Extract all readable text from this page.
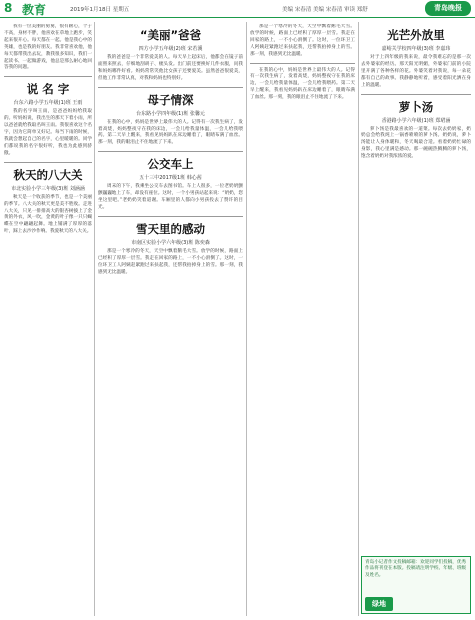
8 教育	2019年1月18日 星期五	美编 宋春清 美编 宋春清 审读 郑舒	青岛晚报

我有一位美丽的舅舅，很有耐心，个子不高，身材不胖，他喜欢在草地上跑步，笑起来很开心。每天都在一起。他是我心中的英雄，也是我的好朋友。我非常喜欢他，他每天都带我出去玩，教我很多知识，我们一起读书、一起做游戏，他总是那么耐心地回答我的问题。

说 名 字
台东六路小学五年级(1)班 王雨

我的名字叫王雨，是爸爸妈妈给我取的。听妈妈说，我出生的那天下着小雨，所以爸爸就给我取名叫王雨。我很喜欢这个名字，因为它简单又好记。每当下雨的时候，我就会想起自己的名字，心里暖暖的。同学们都说我的名字很好听，我也为此感到骄傲。

秋天的八大关
市北实验小学三年级(3)班 刘涵涵

秋天是一个收获的季节，也是一个美丽的季节。八大关的秋天更是美不胜收。走进八大关，只见一排排高大的银杏树披上了金黄的外衣，风一吹，金黄的叶子像一只只蝴蝶在空中翩翩起舞。地上铺满了厚厚的落叶，踩上去沙沙作响。我爱秋天的八大关。

“美丽”爸爸
四方小学五年级(2)班 宋若溪

我的爸爸是一个非常爱美的人。每天早上起床后，他都会在镜子前面照来照去，仔细地刮胡子、梳头发。出门前还要换好几件衣服，问我和妈妈哪件好看。妈妈常常笑他比女孩子还要爱美。虽然爸爸很爱美，但他工作非常认真，对我和妈妈也特别好。

母子情深
台东路小学四年级(1)班 张馨元

在我的心中，妈妈是世界上最伟大的人。记得有一次我生病了，发着高烧，妈妈整夜守在我的床边，一会儿给我量体温，一会儿给我喂药。第二天早上醒来，我看见妈妈趴在床边睡着了，眼睛布满了血丝。那一刻，我的眼泪止不住地流了下来。

公交车上
五十三中2017级1班 韩心茜

周末的下午，我乘坐公交车去图书馆。车上人很多，一位老奶奶颤颤巍巍地上了车，却没有座位。这时，一个小男孩站起来说：“奶奶，您坐这里吧。”老奶奶笑着道谢。车厢里的人都向小男孩投去了赞许的目光。

雪天里的感动
市南区实验小学六年级(3)班 陈奕森

那是一个寒冷的冬天，天空中飘着鹅毛大雪。放学的时候，路面上已经积了厚厚一层雪。我走在回家的路上，一不小心滑倒了。这时，一位环卫工人阿姨赶紧跑过来扶起我，还帮我拍掉身上的雪。那一刻，我感到无比温暖。

那是一个寒冷的冬天，天空中飘着鹅毛大雪。放学的时候，路面上已经积了厚厚一层雪。我走在回家的路上，一不小心滑倒了。这时，一位环卫工人阿姨赶紧跑过来扶起我，还帮我拍掉身上的雪。那一刻，我感到无比温暖。

在我的心中，妈妈是世界上最伟大的人。记得有一次我生病了，发着高烧，妈妈整夜守在我的床边，一会儿给我量体温，一会儿给我喂药。第二天早上醒来，我看见妈妈趴在床边睡着了，眼睛布满了血丝。那一刻，我的眼泪止不住地流了下来。

光芒外放里
嘉峪关学校四年级(3)班 李嘉玮

对于上四年级的我来说，最令我难忘的是那一次去外婆家的经历。那天阳光明媚，外婆家门前的小院里开满了各种各样的花。外婆笑着对我说，每一朵花都有自己的故事。我静静地听着，感受着阳光洒在身上的温暖。

萝卜汤
香港路小学六年级(1)班 郑珺涵

萝卜汤是我最喜欢的一道菜。每次去奶奶家，奶奶总会给我炖上一锅香喷喷的萝卜汤。奶奶说，萝卜汤能让人身体暖和，冬天喝最合适。看着奶奶忙碌的身影，我心里满是感动。那一碗碗热腾腾的萝卜汤，饱含着奶奶对我浓浓的爱。

青岛小记者作文投稿邮箱：欢迎同学们投稿，优秀作品将刊登在本版。投稿请注明学校、年级、班级及姓名。
绿地
